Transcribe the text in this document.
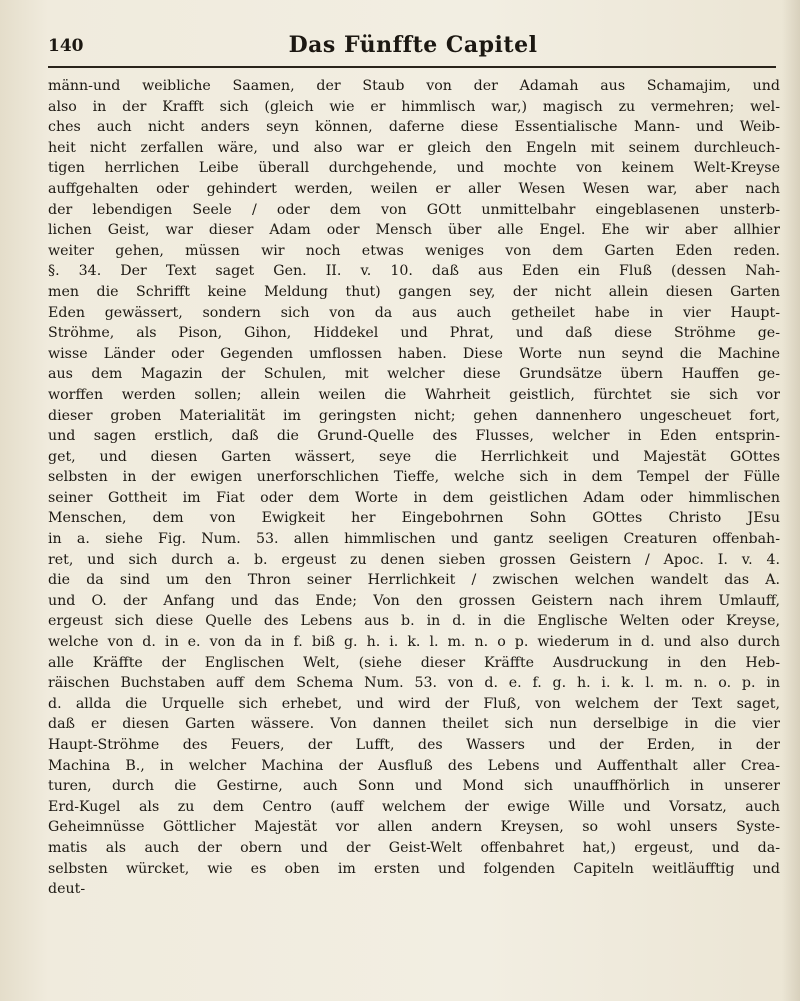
140	Das Fünffte Capitel
männ-und weibliche Saamen, der Staub von der Adamah aus Schamajim, und
also in der Krafft sich (gleich wie er himmlisch war,) magisch zu vermehren; wel-
ches auch nicht anders seyn können, daferne diese Essentialische Mann- und Weib-
heit nicht zerfallen wäre, und also war er gleich den Engeln mit seinem durchleuch-
tigen herrlichen Leibe überall durchgehende, und mochte von keinem Welt-Kreyse
auffgehalten oder gehindert werden, weilen er aller Wesen Wesen war, aber nach
der lebendigen Seele / oder dem von GOtt unmittelbahr eingeblasenen unsterb-
lichen Geist, war dieser Adam oder Mensch über alle Engel. Ehe wir aber allhier
weiter gehen, müssen wir noch etwas weniges von dem Garten Eden reden.
§. 34. Der Text saget Gen. II. v. 10. daß aus Eden ein Fluß (dessen Nah-
men die Schrifft keine Meldung thut) gangen sey, der nicht allein diesen Garten
Eden gewässert, sondern sich von da aus auch getheilet habe in vier Haupt-
Ströhme, als Pison, Gihon, Hiddekel und Phrat, und daß diese Ströhme ge-
wisse Länder oder Gegenden umflossen haben. Diese Worte nun seynd die Machine
aus dem Magazin der Schulen, mit welcher diese Grundsätze übern Hauffen ge-
worffen werden sollen; allein weilen die Wahrheit geistlich, fürchtet sie sich vor
dieser groben Materialität im geringsten nicht; gehen dannenhero ungescheuet fort,
und sagen erstlich, daß die Grund-Quelle des Flusses, welcher in Eden entsprin-
get, und diesen Garten wässert, seye die Herrlichkeit und Majestät GOttes
selbsten in der ewigen unerforschlichen Tieffe, welche sich in dem Tempel der Fülle
seiner Gottheit im Fiat oder dem Worte in dem geistlichen Adam oder himmlischen
Menschen, dem von Ewigkeit her Eingebohrnen Sohn GOttes Christo JEsu
in a. siehe Fig. Num. 53. allen himmlischen und gantz seeligen Creaturen offenbah-
ret, und sich durch a. b. ergeust zu denen sieben grossen Geistern / Apoc. I. v. 4.
die da sind um den Thron seiner Herrlichkeit / zwischen welchen wandelt das A.
und O. der Anfang und das Ende; Von den grossen Geistern nach ihrem Umlauff,
ergeust sich diese Quelle des Lebens aus b. in d. in die Englische Welten oder Kreyse,
welche von d. in e. von da in f. biß g. h. i. k. l. m. n. o p. wiederum in d. und also durch
alle Kräffte der Englischen Welt, (siehe dieser Kräffte Ausdruckung in den Heb-
räischen Buchstaben auff dem Schema Num. 53. von d. e. f. g. h. i. k. l. m. n. o. p. in
d. allda die Urquelle sich erhebet, und wird der Fluß, von welchem der Text saget,
daß er diesen Garten wässere. Von dannen theilet sich nun derselbige in die vier
Haupt-Ströhme des Feuers, der Lufft, des Wassers und der Erden, in der
Machina B., in welcher Machina der Ausfluß des Lebens und Auffenthalt aller Crea-
turen, durch die Gestirne, auch Sonn und Mond sich unauffhörlich in unserer
Erd-Kugel als zu dem Centro (auff welchem der ewige Wille und Vorsatz, auch
Geheimnüsse Göttlicher Majestät vor allen andern Kreysen, so wohl unsers Syste-
matis als auch der obern und der Geist-Welt offenbahret hat,) ergeust, und da-
selbsten würcket, wie es oben im ersten und folgenden Capiteln weitläufftig und
deut-
